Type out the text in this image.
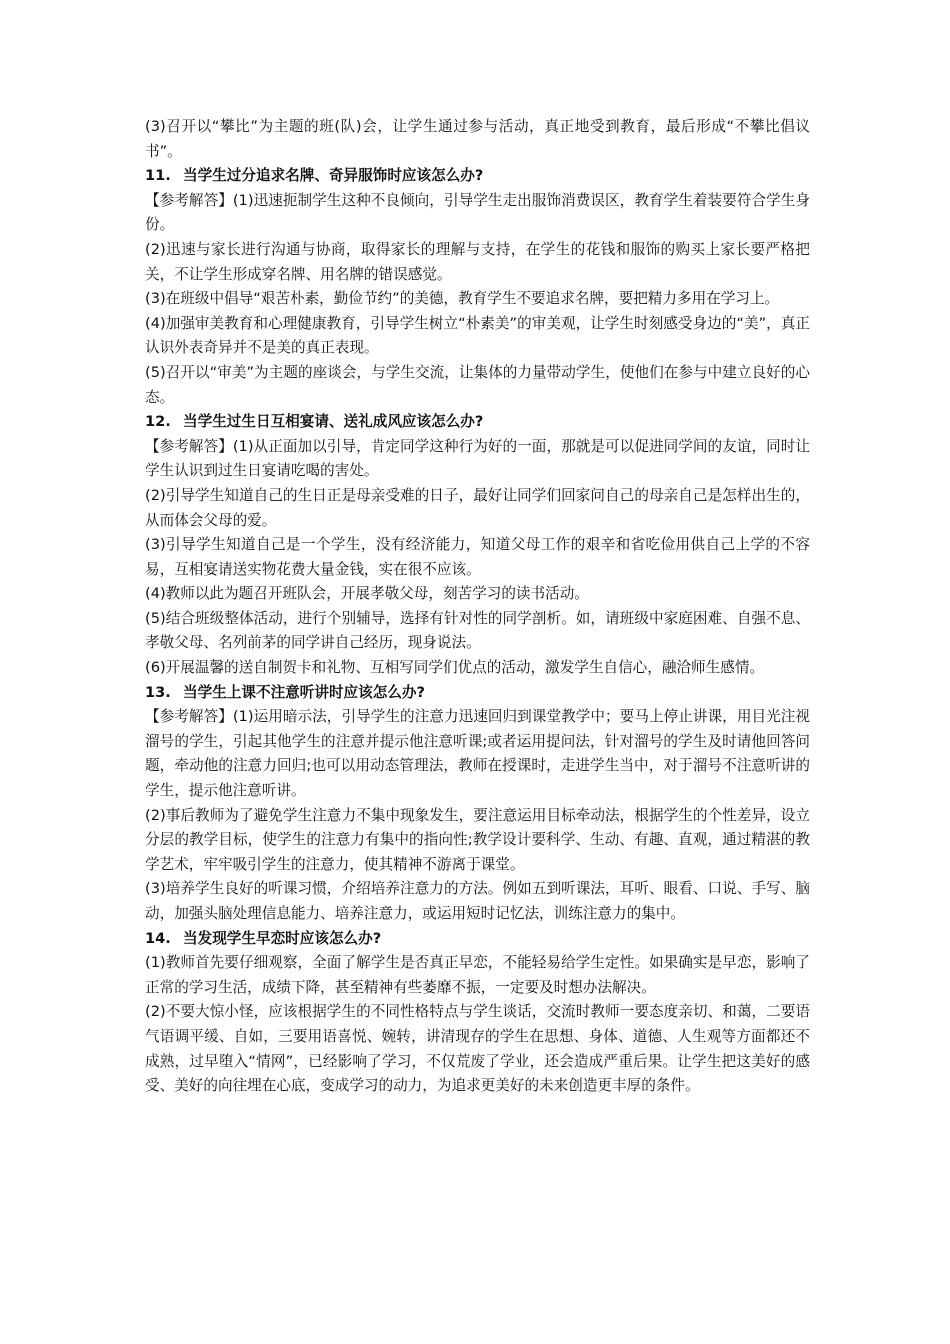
(3)召开以“攀比”为主题的班(队)会，让学生通过参与活动，真正地受到教育，最后形成“不攀比倡议书”。

11. 当学生过分追求名牌、奇异服饰时应该怎么办?

【参考解答】(1)迅速扼制学生这种不良倾向，引导学生走出服饰消费误区，教育学生着装要符合学生身份。

(2)迅速与家长进行沟通与协商，取得家长的理解与支持，在学生的花钱和服饰的购买上家长要严格把关，不让学生形成穿名牌、用名牌的错误感觉。

(3)在班级中倡导“艰苦朴素，勤俭节约”的美德，教育学生不要追求名牌，要把精力多用在学习上。

(4)加强审美教育和心理健康教育，引导学生树立“朴素美”的审美观，让学生时刻感受身边的“美”，真正认识外表奇异并不是美的真正表现。

(5)召开以“审美”为主题的座谈会，与学生交流，让集体的力量带动学生，使他们在参与中建立良好的心态。

12. 当学生过生日互相宴请、送礼成风应该怎么办?

【参考解答】(1)从正面加以引导，肯定同学这种行为好的一面，那就是可以促进同学间的友谊，同时让学生认识到过生日宴请吃喝的害处。

(2)引导学生知道自己的生日正是母亲受难的日子，最好让同学们回家问自己的母亲自己是怎样出生的，从而体会父母的爱。

(3)引导学生知道自己是一个学生，没有经济能力，知道父母工作的艰辛和省吃俭用供自己上学的不容易，互相宴请送实物花费大量金钱，实在很不应该。

(4)教师以此为题召开班队会，开展孝敬父母，刻苦学习的读书活动。

(5)结合班级整体活动，进行个别辅导，选择有针对性的同学剖析。如，请班级中家庭困难、自强不息、孝敬父母、名列前茅的同学讲自己经历，现身说法。

(6)开展温馨的送自制贺卡和礼物、互相写同学们优点的活动，激发学生自信心，融洽师生感情。

13. 当学生上课不注意听讲时应该怎么办?

【参考解答】(1)运用暗示法，引导学生的注意力迅速回归到课堂教学中；要马上停止讲课，用目光注视溜号的学生，引起其他学生的注意并提示他注意听课;或者运用提问法，针对溜号的学生及时请他回答问题，牵动他的注意力回归;也可以用动态管理法，教师在授课时，走进学生当中，对于溜号不注意听讲的学生，提示他注意听讲。

(2)事后教师为了避免学生注意力不集中现象发生，要注意运用目标牵动法，根据学生的个性差异，设立分层的教学目标，使学生的注意力有集中的指向性;教学设计要科学、生动、有趣、直观，通过精湛的教学艺术，牢牢吸引学生的注意力，使其精神不游离于课堂。

(3)培养学生良好的听课习惯，介绍培养注意力的方法。例如五到听课法，耳听、眼看、口说、手写、脑动，加强头脑处理信息能力、培养注意力，或运用短时记忆法，训练注意力的集中。

14. 当发现学生早恋时应该怎么办?

(1)教师首先要仔细观察，全面了解学生是否真正早恋，不能轻易给学生定性。如果确实是早恋，影响了正常的学习生活，成绩下降，甚至精神有些萎靡不振，一定要及时想办法解决。

(2)不要大惊小怪，应该根据学生的不同性格特点与学生谈话，交流时教师一要态度亲切、和蔼，二要语气语调平缓、自如，三要用语喜悦、婉转，讲清现存的学生在思想、身体、道德、人生观等方面都还不成熟，过早堕入“情网”，已经影响了学习，不仅荒废了学业，还会造成严重后果。让学生把这美好的感受、美好的向往埋在心底，变成学习的动力，为追求更美好的未来创造更丰厚的条件。
